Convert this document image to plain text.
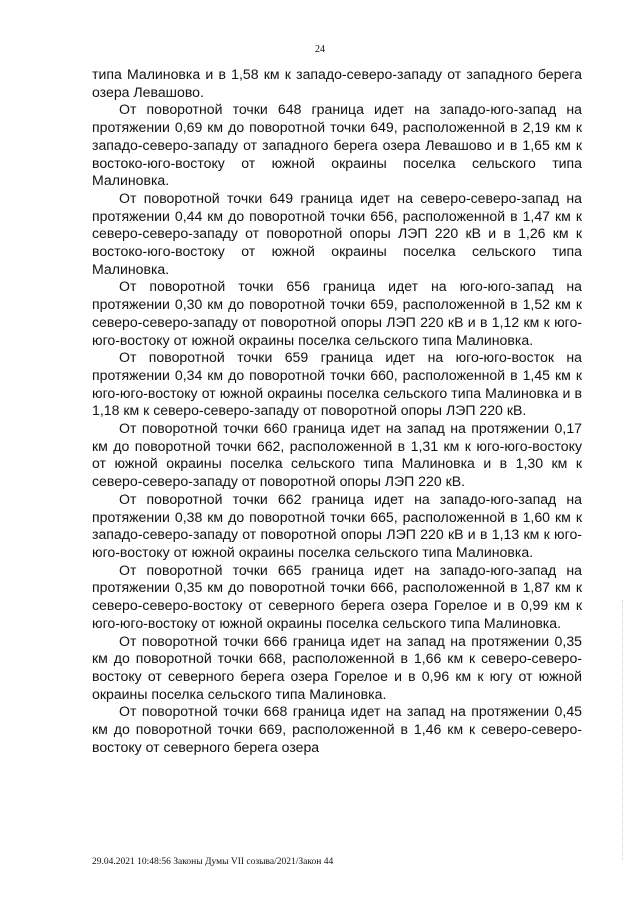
24

типа Малиновка и в 1,58 км к западо-северо-западу от западного берега озера Левашово.

От поворотной точки 648 граница идет на западо-юго-запад на протяжении 0,69 км до поворотной точки 649, расположенной в 2,19 км к западо-северо-западу от западного берега озера Левашово и в 1,65 км к востоко-юго-востоку от южной окраины поселка сельского типа Малиновка.

От поворотной точки 649 граница идет на северо-северо-запад на протяжении 0,44 км до поворотной точки 656, расположенной в 1,47 км к северо-северо-западу от поворотной опоры ЛЭП 220 кВ и в 1,26 км к востоко-юго-востоку от южной окраины поселка сельского типа Малиновка.

От поворотной точки 656 граница идет на юго-юго-запад на протяжении 0,30 км до поворотной точки 659, расположенной в 1,52 км к северо-северо-западу от поворотной опоры ЛЭП 220 кВ и в 1,12 км к юго-юго-востоку от южной окраины поселка сельского типа Малиновка.

От поворотной точки 659 граница идет на юго-юго-восток на протяжении 0,34 км до поворотной точки 660, расположенной в 1,45 км к юго-юго-востоку от южной окраины поселка сельского типа Малиновка и в 1,18 км к северо-северо-западу от поворотной опоры ЛЭП 220 кВ.

От поворотной точки 660 граница идет на запад на протяжении 0,17 км до поворотной точки 662, расположенной в 1,31 км к юго-юго-востоку от южной окраины поселка сельского типа Малиновка и в 1,30 км к северо-северо-западу от поворотной опоры ЛЭП 220 кВ.

От поворотной точки 662 граница идет на западо-юго-запад на протяжении 0,38 км до поворотной точки 665, расположенной в 1,60 км к западо-северо-западу от поворотной опоры ЛЭП 220 кВ и в 1,13 км к юго-юго-востоку от южной окраины поселка сельского типа Малиновка.

От поворотной точки 665 граница идет на западо-юго-запад на протяжении 0,35 км до поворотной точки 666, расположенной в 1,87 км к северо-северо-востоку от северного берега озера Горелое и в 0,99 км к юго-юго-востоку от южной окраины поселка сельского типа Малиновка.

От поворотной точки 666 граница идет на запад на протяжении 0,35 км до поворотной точки 668, расположенной в 1,66 км к северо-северо-востоку от северного берега озера Горелое и в 0,96 км к югу от южной окраины поселка сельского типа Малиновка.

От поворотной точки 668 граница идет на запад на протяжении 0,45 км до поворотной точки 669, расположенной в 1,46 км к северо-северо-востоку от северного берега озера

29.04.2021 10:48:56 Законы Думы VII созыва/2021/Закон 44
